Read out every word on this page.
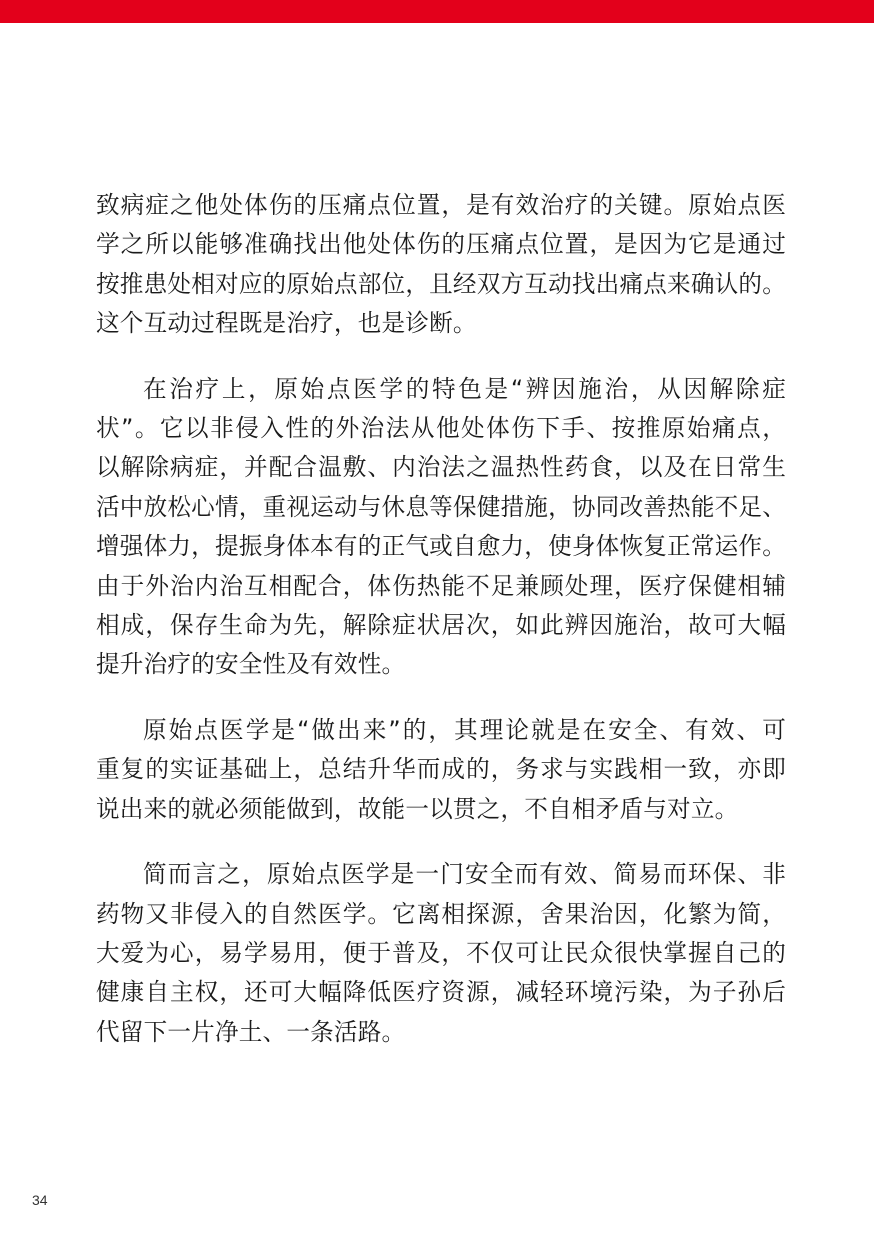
致病症之他处体伤的压痛点位置，是有效治疗的关键。原始点医
学之所以能够准确找出他处体伤的压痛点位置，是因为它是通过
按推患处相对应的原始点部位，且经双方互动找出痛点来确认的。
这个互动过程既是治疗，也是诊断。

在治疗上，原始点医学的特色是“辨因施治，从因解除症
状”。它以非侵入性的外治法从他处体伤下手、按推原始痛点，
以解除病症，并配合温敷、内治法之温热性药食，以及在日常生
活中放松心情，重视运动与休息等保健措施，协同改善热能不足、
增强体力，提振身体本有的正气或自愈力，使身体恢复正常运作。
由于外治内治互相配合，体伤热能不足兼顾处理，医疗保健相辅
相成，保存生命为先，解除症状居次，如此辨因施治，故可大幅
提升治疗的安全性及有效性。

原始点医学是“做出来”的，其理论就是在安全、有效、可
重复的实证基础上，总结升华而成的，务求与实践相一致，亦即
说出来的就必须能做到，故能一以贯之，不自相矛盾与对立。

简而言之，原始点医学是一门安全而有效、简易而环保、非
药物又非侵入的自然医学。它离相探源，舍果治因，化繁为简，
大爱为心，易学易用，便于普及，不仅可让民众很快掌握自己的
健康自主权，还可大幅降低医疗资源，减轻环境污染，为子孙后
代留下一片净土、一条活路。

34
